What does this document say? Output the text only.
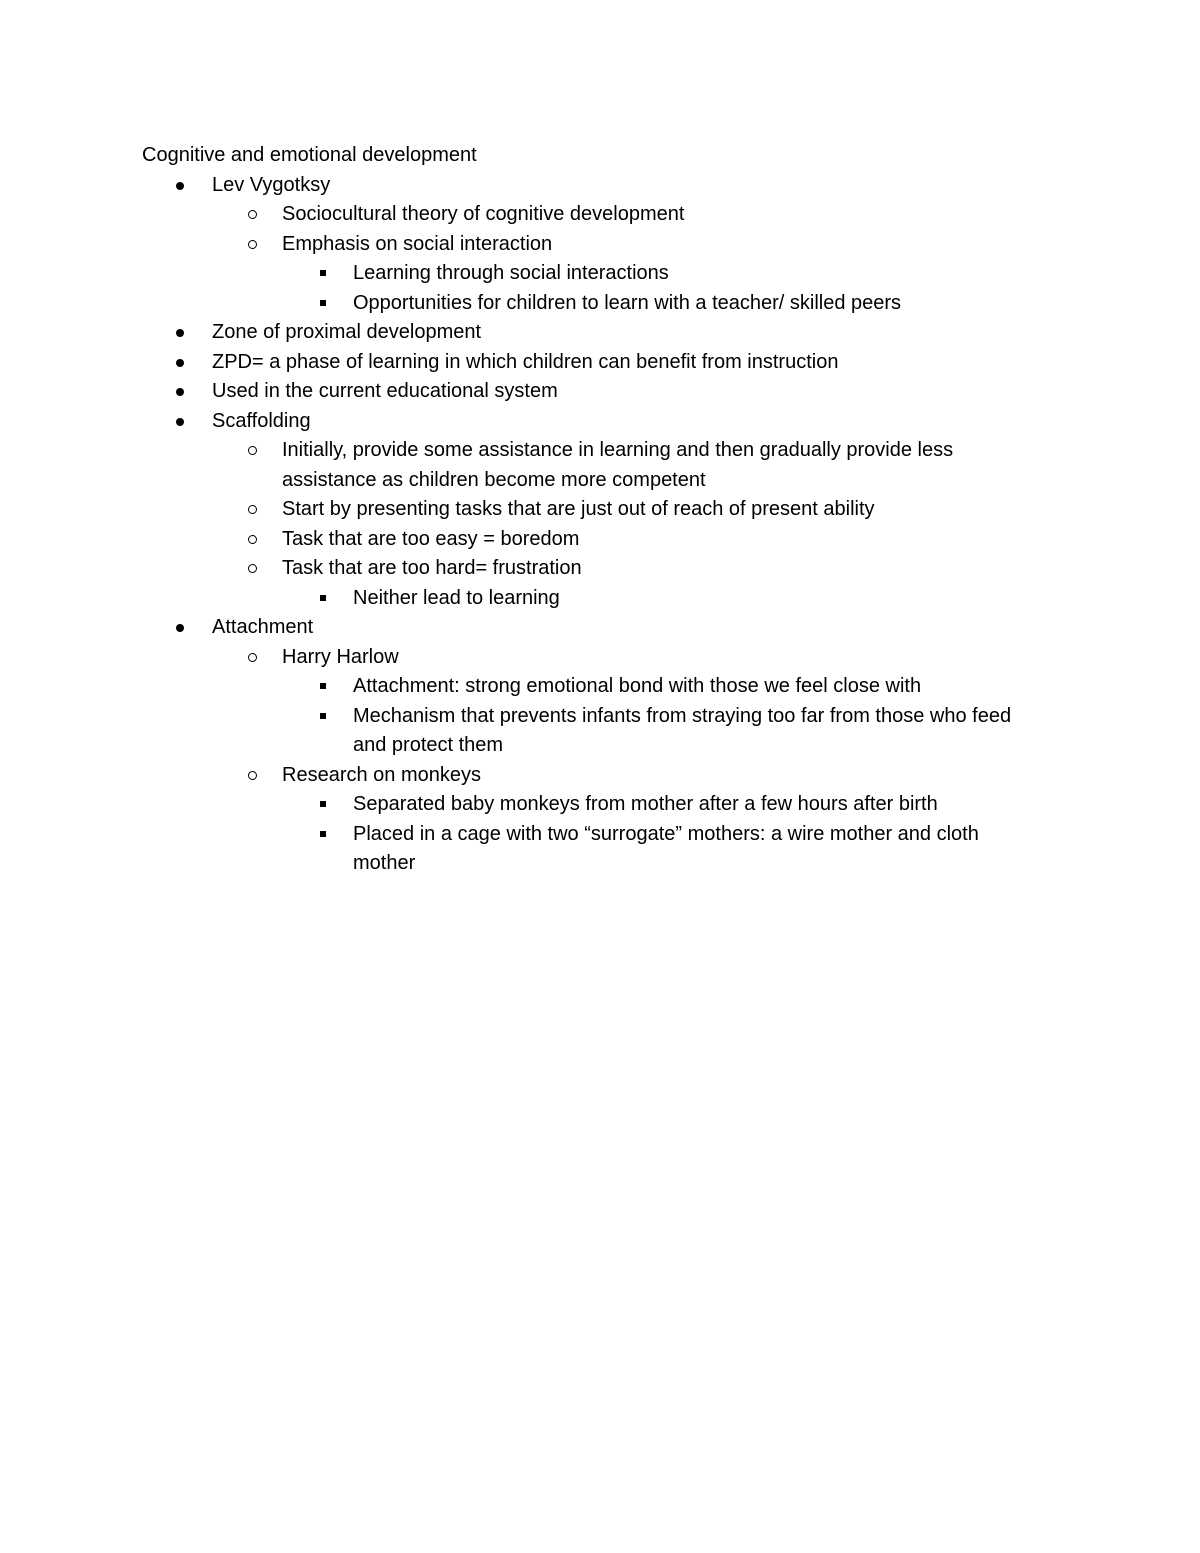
Cognitive and emotional development

Lev Vygotksy
Sociocultural theory of cognitive development
Emphasis on social interaction
Learning through social interactions
Opportunities for children to learn with a teacher/ skilled peers
Zone of proximal development
ZPD= a phase of learning in which children can benefit from instruction
Used in the current educational system
Scaffolding
Initially, provide some assistance in learning and then gradually provide less assistance as children become more competent
Start by presenting tasks that are just out of reach of present ability
Task that are too easy = boredom
Task that are too hard= frustration
Neither lead to learning
Attachment
Harry Harlow
Attachment: strong emotional bond with those we feel close with
Mechanism that prevents infants from straying too far from those who feed and protect them
Research on monkeys
Separated baby monkeys from mother after a few hours after birth
Placed in a cage with two “surrogate” mothers: a wire mother and cloth mother
